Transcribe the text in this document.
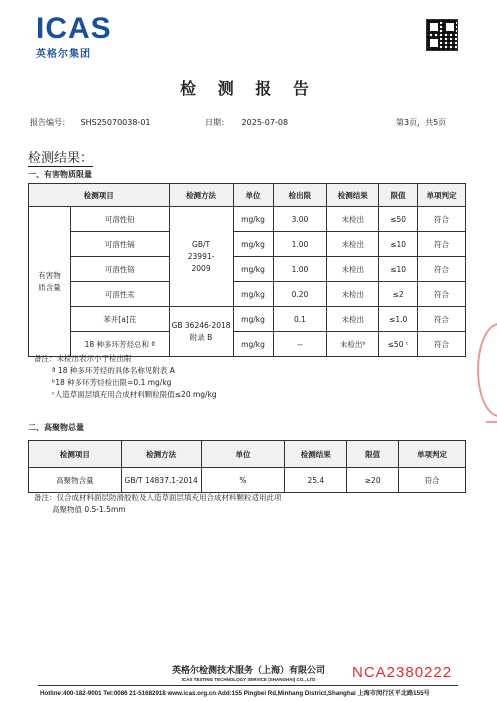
ICAS
英格尔集团
检 测 报 告
报告编号： SHS25070038-01	日期： 2025-07-08	第3页，共5页
检测结果：
一、有害物质限量
检测项目		检测方法	单位	检出限	检测结果	限值	单项判定

有害物质含量	可溶性铅	GB/T 23991-2009	mg/kg	3.00	未检出	≤50	符合
	可溶性镉		mg/kg	1.00	未检出	≤10	符合
	可溶性铬		mg/kg	1.00	未检出	≤10	符合
	可溶性汞		mg/kg	0.20	未检出	≤2	符合
	苯并[a]芘	GB 36246-2018 附录 B	mg/kg	0.1	未检出	≤1.0	符合
	18 种多环芳烃总和 ª		mg/kg	--	未检出ᵇ	≤50 ᶜ	符合
备注：未检出表示小于检出限
ª 18 种多环芳烃的具体名称见附表 A
ᵇ18 种多环芳烃检出限=0.1 mg/kg
ᶜ人造草面层填充用合成材料颗粒限值≤20 mg/kg
二、高聚物总量
检测项目	检测方法	单位	检测结果	限值	单项判定
高聚物含量	GB/T 14837.1-2014	%	25.4	≥20	符合
备注：仅合成材料面层防滑胶粒及人造草面层填充用合成材料颗粒适用此项
高聚物值 0.5-1.5mm
英格尔检测技术服务（上海）有限公司	NCA2380222
ICAS TESTING TECHNOLOGY SERVICE (SHANGHAI) CO., LTD
Hotline:400-182-9001 Tel:0086 21-51682918 www.icas.org.cn Add:155 Pingbei Rd,Minhang District,Shanghai 上海市闵行区平北路155号
